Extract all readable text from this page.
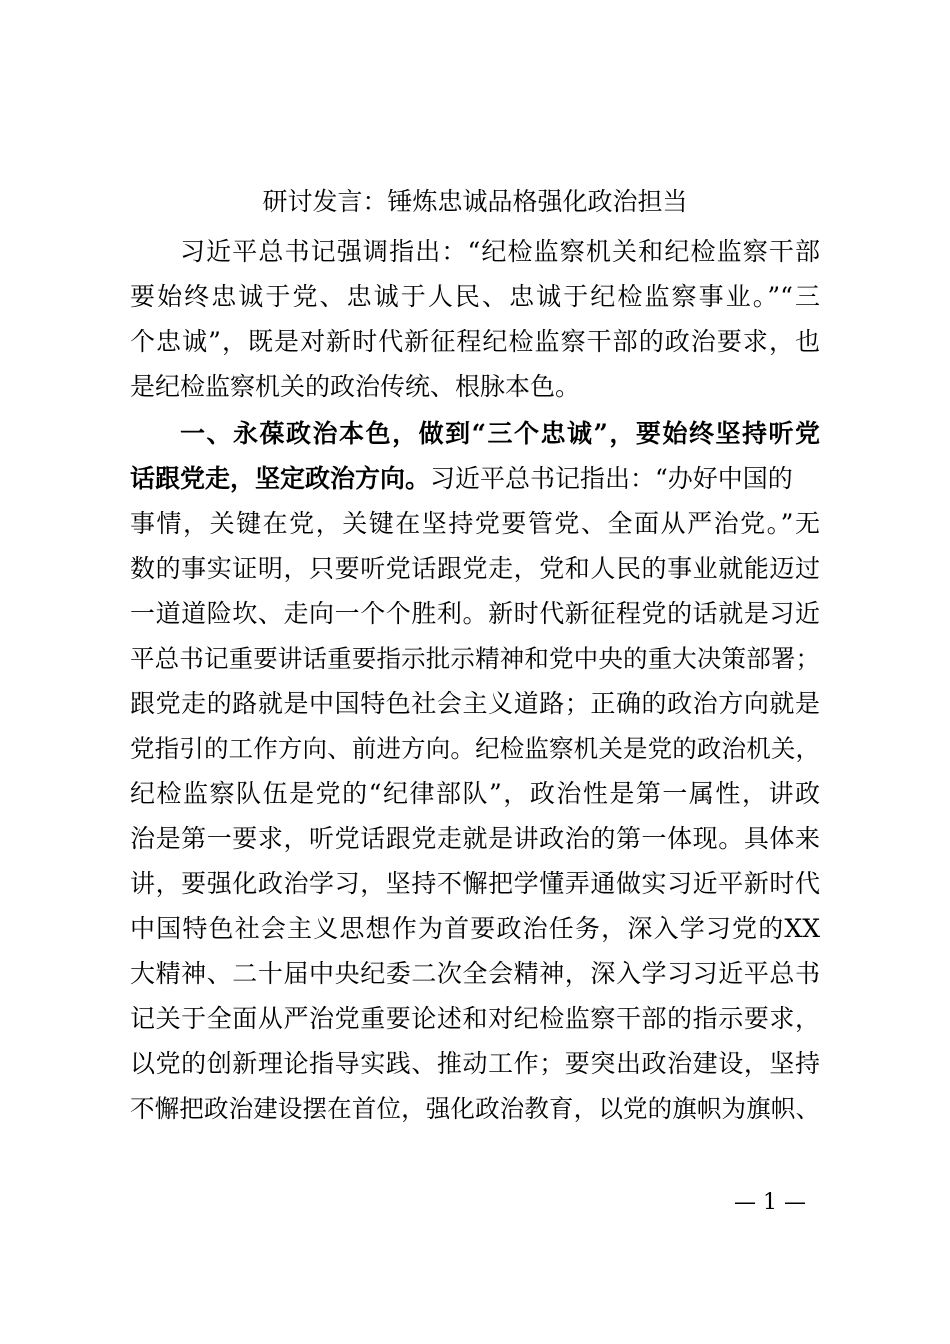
研讨发言：锤炼忠诚品格强化政治担当
习近平总书记强调指出：“纪检监察机关和纪检监察干部
要始终忠诚于党、忠诚于人民、忠诚于纪检监察事业。”“三
个忠诚”，既是对新时代新征程纪检监察干部的政治要求，也
是纪检监察机关的政治传统、根脉本色。
一、永葆政治本色，做到“三个忠诚”，要始终坚持听党
话跟党走，坚定政治方向。习近平总书记指出：“办好中国的
事情，关键在党，关键在坚持党要管党、全面从严治党。”无
数的事实证明，只要听党话跟党走，党和人民的事业就能迈过
一道道险坎、走向一个个胜利。新时代新征程党的话就是习近
平总书记重要讲话重要指示批示精神和党中央的重大决策部署；
跟党走的路就是中国特色社会主义道路；正确的政治方向就是
党指引的工作方向、前进方向。纪检监察机关是党的政治机关，
纪检监察队伍是党的“纪律部队”，政治性是第一属性，讲政
治是第一要求，听党话跟党走就是讲政治的第一体现。具体来
讲，要强化政治学习，坚持不懈把学懂弄通做实习近平新时代
中国特色社会主义思想作为首要政治任务，深入学习党的XX
大精神、二十届中央纪委二次全会精神，深入学习习近平总书
记关于全面从严治党重要论述和对纪检监察干部的指示要求，
以党的创新理论指导实践、推动工作；要突出政治建设，坚持
不懈把政治建设摆在首位，强化政治教育，以党的旗帜为旗帜、
— 1 —
